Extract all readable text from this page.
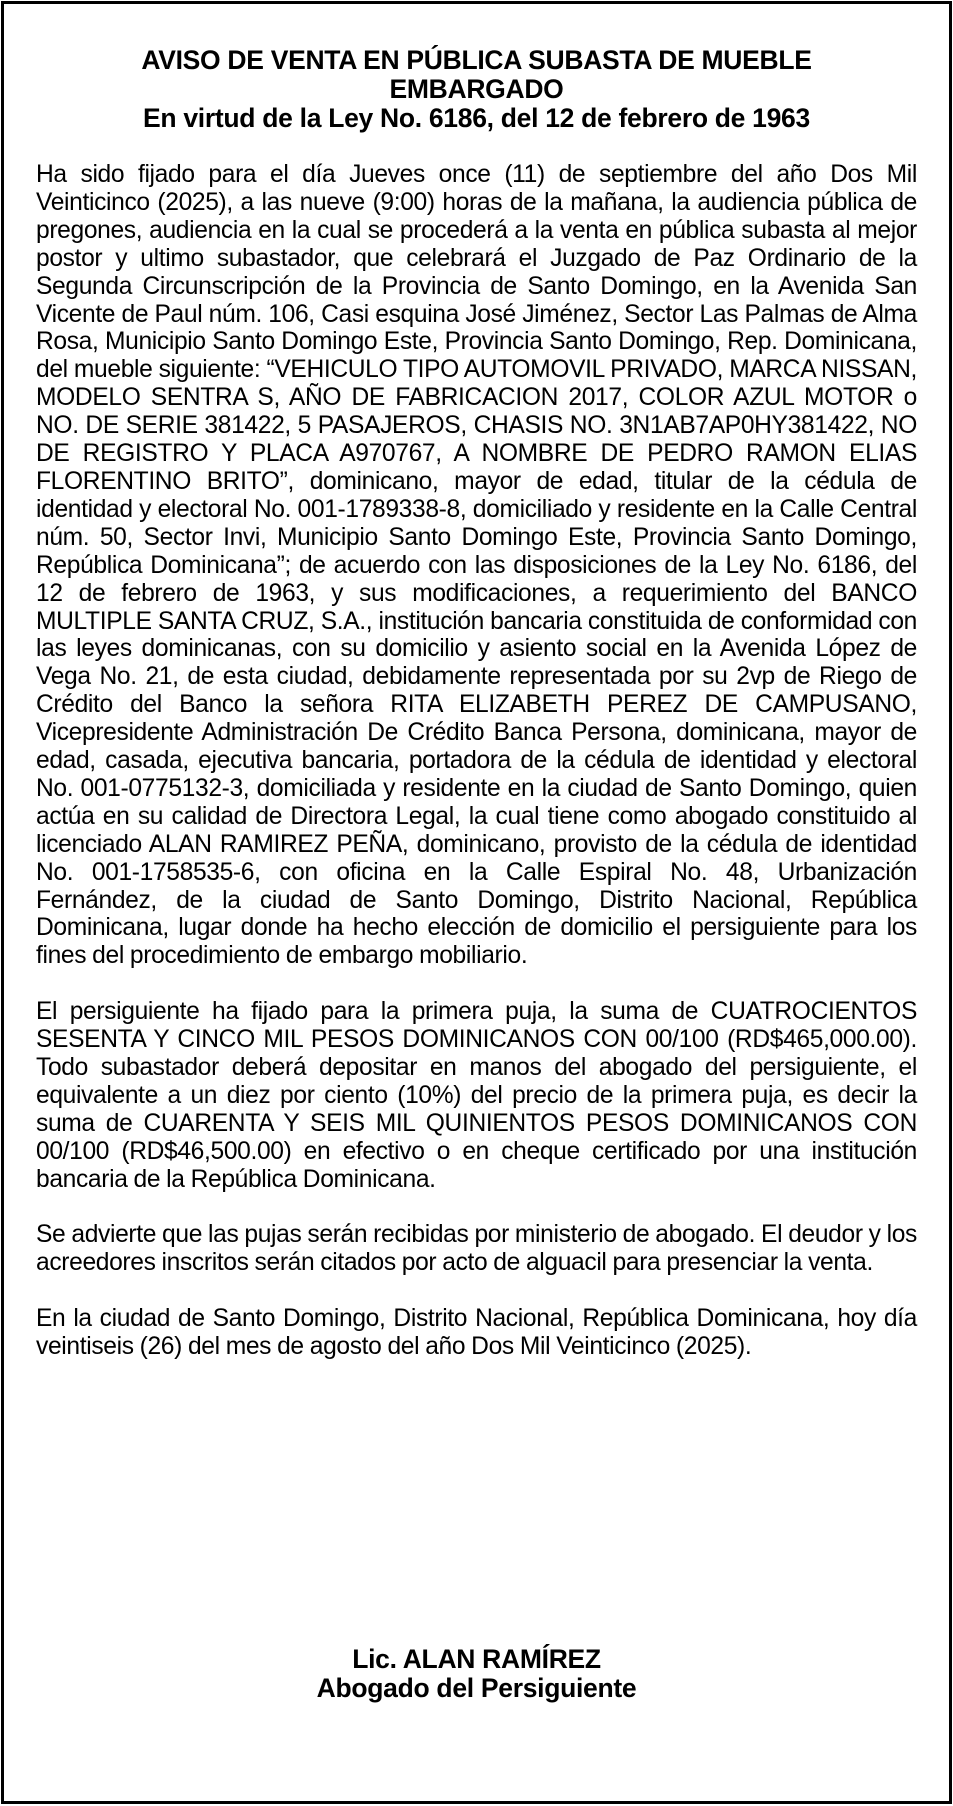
AVISO DE VENTA EN PÚBLICA SUBASTA DE MUEBLE
EMBARGADO
En virtud de la Ley No. 6186, del 12 de febrero de 1963

Ha sido fijado para el día Jueves once (11) de septiembre del año Dos Mil Veinticinco (2025), a las nueve (9:00) horas de la mañana, la audiencia pública de pregones, audiencia en la cual se procederá a la venta en pública subasta al mejor postor y ultimo subastador, que celebrará el Juzgado de Paz Ordinario de la Segunda Circunscripción de la Provincia de Santo Domingo, en la Avenida San Vicente de Paul núm. 106, Casi esquina José Jiménez, Sector Las Palmas de Alma Rosa, Municipio Santo Domingo Este, Provincia Santo Domingo, Rep. Dominicana, del mueble siguiente: “VEHICULO TIPO AUTOMOVIL PRIVADO, MARCA NISSAN, MODELO SENTRA S, AÑO DE FABRICACION 2017, COLOR AZUL MOTOR o NO. DE SERIE 381422, 5 PASAJEROS, CHASIS NO. 3N1AB7AP0HY381422, NO DE REGISTRO Y PLACA A970767, A NOMBRE DE PEDRO RAMON ELIAS FLORENTINO BRITO”, dominicano, mayor de edad, titular de la cédula de identidad y electoral No. 001-1789338-8, domiciliado y residente en la Calle Central núm. 50, Sector Invi, Municipio Santo Domingo Este, Provincia Santo Domingo, República Dominicana”; de acuerdo con las disposiciones de la Ley No. 6186, del 12 de febrero de 1963, y sus modificaciones, a requerimiento del BANCO MULTIPLE SANTA CRUZ, S.A., institución bancaria constituida de conformidad con las leyes dominicanas, con su domicilio y asiento social en la Avenida López de Vega No. 21, de esta ciudad, debidamente representada por su 2vp de Riego de Crédito del Banco la señora RITA ELIZABETH PEREZ DE CAMPUSANO, Vicepresidente Administración De Crédito Banca Persona, dominicana, mayor de edad, casada, ejecutiva bancaria, portadora de la cédula de identidad y electoral No. 001-0775132-3, domiciliada y residente en la ciudad de Santo Domingo, quien actúa en su calidad de Directora Legal, la cual tiene como abogado constituido al licenciado ALAN RAMIREZ PEÑA, dominicano, provisto de la cédula de identidad No. 001-1758535-6, con oficina en la Calle Espiral No. 48, Urbanización Fernández, de la ciudad de Santo Domingo, Distrito Nacional, República Dominicana, lugar donde ha hecho elección de domicilio el persiguiente para los fines del procedimiento de embargo mobiliario.

El persiguiente ha fijado para la primera puja, la suma de CUATROCIENTOS SESENTA Y CINCO MIL PESOS DOMINICANOS CON 00/100 (RD$465,000.00). Todo subastador deberá depositar en manos del abogado del persiguiente, el equivalente a un diez por ciento (10%) del precio de la primera puja, es decir la suma de CUARENTA Y SEIS MIL QUINIENTOS PESOS DOMINICANOS CON 00/100 (RD$46,500.00) en efectivo o en cheque certificado por una institución bancaria de la República Dominicana.

Se advierte que las pujas serán recibidas por ministerio de abogado. El deudor y los acreedores inscritos serán citados por acto de alguacil para presenciar la venta.

En la ciudad de Santo Domingo, Distrito Nacional, República Dominicana, hoy día veintiseis (26) del mes de agosto del año Dos Mil Veinticinco (2025).

Lic. ALAN RAMÍREZ
Abogado del Persiguiente
